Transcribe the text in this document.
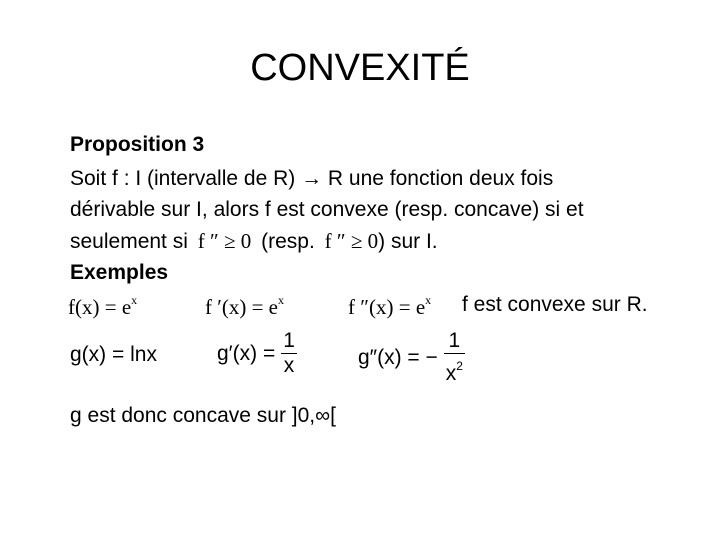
CONVEXITÉ
Proposition 3
Soit f : I (intervalle de R) → R une fonction deux fois
dérivable sur I, alors f est convexe (resp. concave) si et
seulement si f ″ ≥ 0 (resp. f ″ ≥ 0) sur I.
Exemples
$f(x) = e^x$	f $'(x) = e^x$	f $''(x) = e^x$ f est convexe sur R.
g(x) = lnx	$g'(x) = \frac{1}{x}$	g″(x) = − $\frac{1}{x^2}$
g est donc concave sur ]0,∞[
